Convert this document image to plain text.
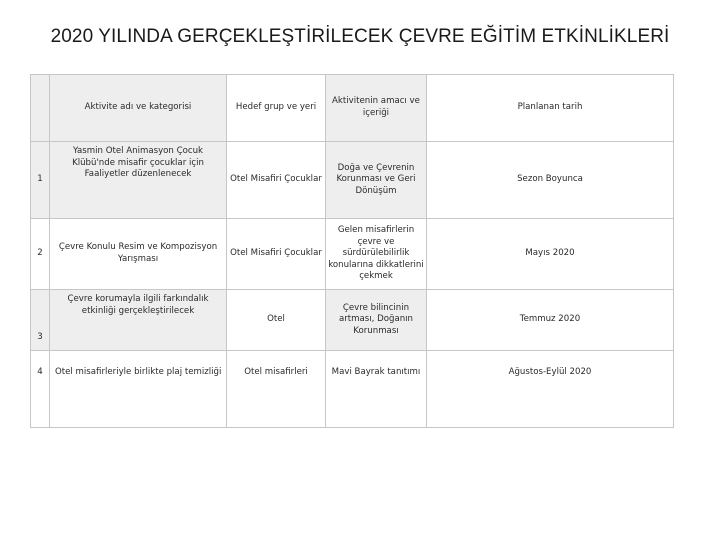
2020 YILINDA GERÇEKLEŞTİRİLECEK ÇEVRE EĞİTİM ETKİNLİKLERİ
	Aktivite adı ve kategorisi	Hedef grup ve yeri	Aktivitenin amacı ve içeriği	Planlanan tarih
1	Yasmin Otel Animasyon Çocuk Klübü'nde misafir çocuklar için Faaliyetler düzenlenecek	Otel Misafiri Çocuklar	Doğa ve Çevrenin Korunması ve Geri Dönüşüm	Sezon Boyunca
2	Çevre Konulu Resim ve Kompozisyon Yarışması	Otel Misafiri Çocuklar	Gelen misafirlerin çevre ve sürdürülebilirlik konularına dikkatlerini çekmek	Mayıs 2020
3	Çevre korumayla ilgili farkındalık etkinliği gerçekleştirilecek	Otel	Çevre bilincinin artması, Doğanın Korunması	Temmuz 2020
4	Otel misafirleriyle birlikte plaj temizliği	Otel misafirleri	Mavi Bayrak tanıtımı	Ağustos-Eylül 2020
